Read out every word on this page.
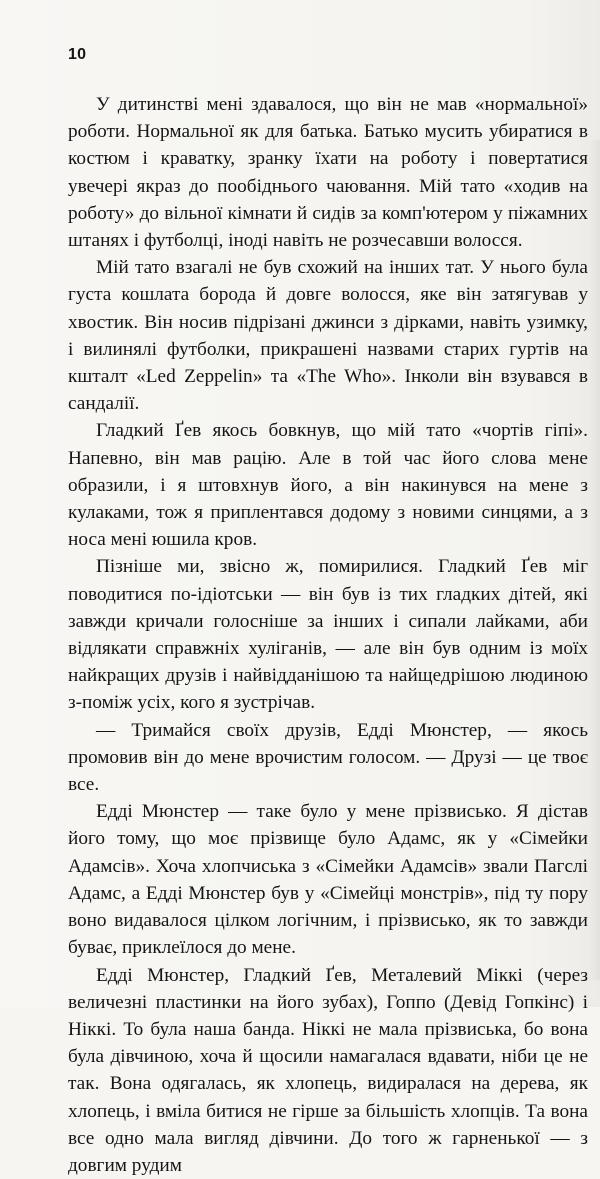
10

У дитинстві мені здавалося, що він не мав «нормальної» роботи. Нормальної як для батька. Батько мусить убиратися в костюм і краватку, зранку їхати на роботу і повертатися увечері якраз до пообіднього чаювання. Мій тато «ходив на роботу» до вільної кімнати й сидів за комп'ютером у піжамних штанях і футболці, іноді навіть не розчесавши волосся.

Мій тато взагалі не був схожий на інших тат. У нього була густа кошлата борода й довге волосся, яке він затягував у хвостик. Він носив підрізані джинси з дірками, навіть узимку, і вилинялі футболки, прикрашені назвами старих гуртів на кшталт «Led Zeppelin» та «The Who». Інколи він взувався в сандалії.

Гладкий Ґев якось бовкнув, що мій тато «чортів гіпі». Напевно, він мав рацію. Але в той час його слова мене образили, і я штовхнув його, а він накинувся на мене з кулаками, тож я приплентався додому з новими синцями, а з носа мені юшила кров.

Пізніше ми, звісно ж, помирилися. Гладкий Ґев міг поводитися по-ідіотськи — він був із тих гладких дітей, які завжди кричали голосніше за інших і сипали лайками, аби відлякати справжніх хуліганів, — але він був одним із моїх найкращих друзів і найвідданішою та найщедрішою людиною з-поміж усіх, кого я зустрічав.

— Тримайся своїх друзів, Едді Мюнстер, — якось промовив він до мене врочистим голосом. — Друзі — це твоє все.

Едді Мюнстер — таке було у мене прізвисько. Я дістав його тому, що моє прізвище було Адамс, як у «Сімейки Адамсів». Хоча хлопчиська з «Сімейки Адамсів» звали Пагслі Адамс, а Едді Мюнстер був у «Сімейці монстрів», під ту пору воно видавалося цілком логічним, і прізвисько, як то завжди буває, приклеїлося до мене.

Едді Мюнстер, Гладкий Ґев, Металевий Міккі (через величезні пластинки на його зубах), Гоппо (Девід Гопкінс) і Ніккі. То була наша банда. Ніккі не мала прізвиська, бо вона була дівчиною, хоча й щосили намагалася вдавати, ніби це не так. Вона одягалась, як хлопець, видиралася на дерева, як хлопець, і вміла битися не гірше за більшість хлопців. Та вона все одно мала вигляд дівчини. До того ж гарненької — з довгим рудим
